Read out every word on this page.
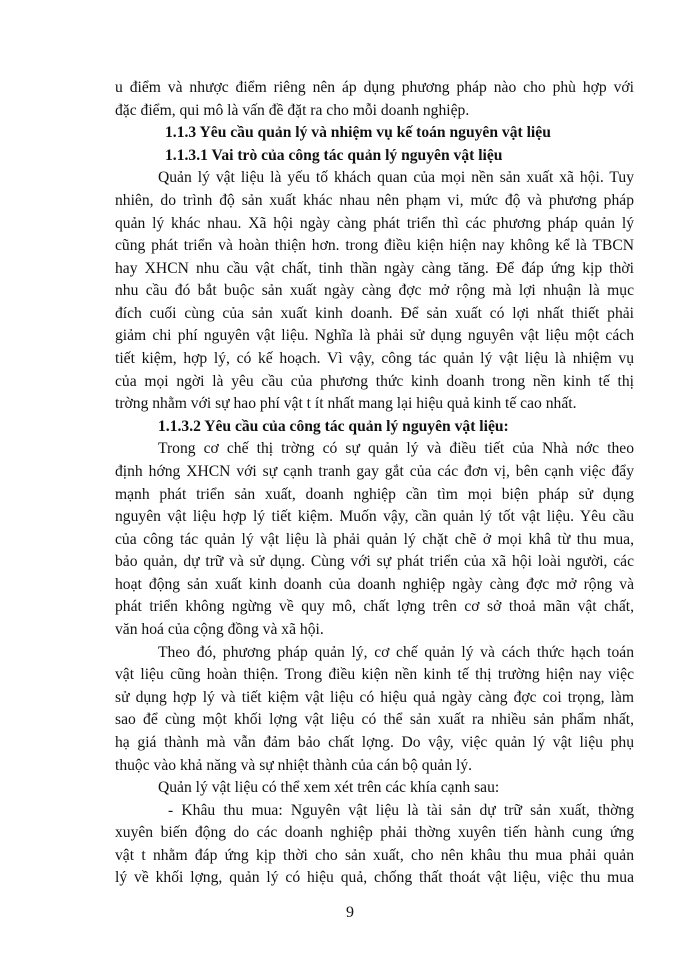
u điểm và nhược điểm riêng nên áp dụng phương pháp nào cho phù hợp với
đặc điểm, qui mô là vấn đề đặt ra cho mỗi doanh nghiệp.
1.1.3 Yêu cầu quản lý và nhiệm vụ kế toán nguyên vật liệu
1.1.3.1 Vai trò của công tác quản lý nguyên vật liệu
Quản lý vật liệu là yếu tố khách quan của mọi nền sản xuất xã hội. Tuy
nhiên, do trình độ sản xuất khác nhau nên phạm vi, mức độ và phương pháp
quản lý khác nhau. Xã hội ngày càng phát triển thì các phương pháp quản lý
cũng phát triển và hoàn thiện hơn. trong điều kiện hiện nay không kể là TBCN
hay XHCN nhu cầu vật chất, tinh thần ngày càng tăng. Để đáp ứng kịp thời
nhu cầu đó bắt buộc sản xuất ngày càng đợc mở rộng mà lợi nhuận là mục
đích cuối cùng của sản xuất kinh doanh. Để sản xuất có lợi nhất thiết phải
giảm chi phí nguyên vật liệu. Nghĩa là phải sử dụng nguyên vật liệu một cách
tiết kiệm, hợp lý, có kế hoạch. Vì vậy, công tác quản lý vật liệu là nhiệm vụ
của mọi ngời là yêu cầu của phương thức kinh doanh trong nền kinh tế thị
trờng nhằm với sự hao phí vật t ít nhất mang lại hiệu quả kinh tế cao nhất.
1.1.3.2 Yêu cầu của công tác quản lý nguyên vật liệu:
Trong cơ chế thị trờng có sự quản lý và điều tiết của Nhà nớc theo
định hớng XHCN với sự cạnh tranh gay gắt của các đơn vị, bên cạnh việc đẩy
mạnh phát triển sản xuất, doanh nghiệp cần tìm mọi biện pháp sử dụng
nguyên vật liệu hợp lý tiết kiệm. Muốn vậy, cần quản lý tốt vật liệu. Yêu cầu
của công tác quản lý vật liệu là phải quản lý chặt chẽ ở mọi khâ từ thu mua,
bảo quản, dự trữ và sử dụng. Cùng với sự phát triển của xã hội loài người, các
hoạt động sản xuất kinh doanh của doanh nghiệp ngày càng đợc mở rộng và
phát triển không ngừng về quy mô, chất lợng trên cơ sở thoả mãn vật chất,
văn hoá của cộng đồng và xã hội.
Theo đó, phương pháp quản lý, cơ chế quản lý và cách thức hạch toán
vật liệu cũng hoàn thiện. Trong điều kiện nền kinh tế thị trường hiện nay việc
sử dụng hợp lý và tiết kiệm vật liệu có hiệu quả ngày càng đợc coi trọng, làm
sao để cùng một khối lợng vật liệu có thể sản xuất ra nhiều sản phẩm nhất,
hạ giá thành mà vẫn đảm bảo chất lợng. Do vậy, việc quản lý vật liệu phụ
thuộc vào khả năng và sự nhiệt thành của cán bộ quản lý.
Quản lý vật liệu có thể xem xét trên các khía cạnh sau:
- Khâu thu mua: Nguyên vật liệu là tài sản dự trữ sản xuất, thờng
xuyên biến động do các doanh nghiệp phải thờng xuyên tiến hành cung ứng
vật t nhằm đáp ứng kịp thời cho sản xuất, cho nên khâu thu mua phải quản
lý về khối lợng, quản lý có hiệu quả, chống thất thoát vật liệu, việc thu mua
9
